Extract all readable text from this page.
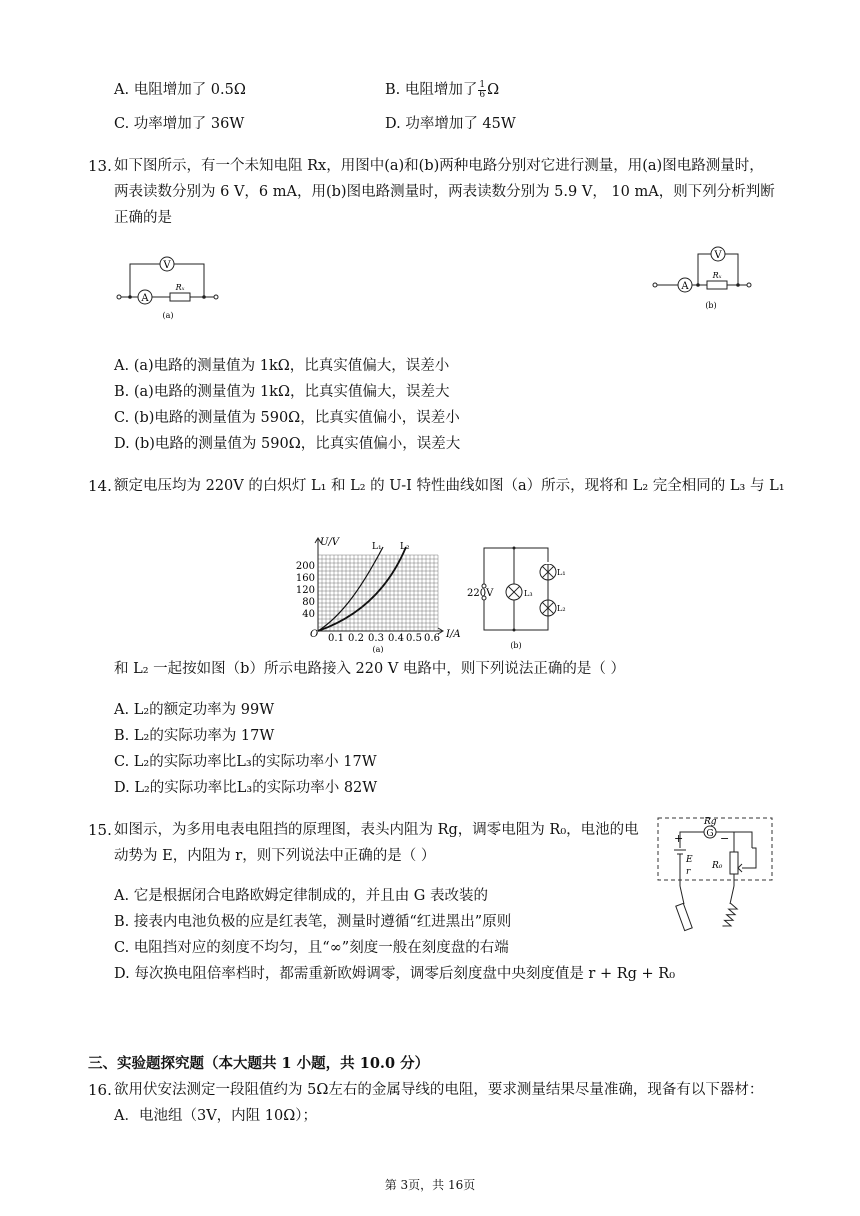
A. 电阻增加了 0.5Ω	B. 电阻增加了 $\frac{1}{6}$ Ω
C. 功率增加了 36W	D. 功率增加了 45W
13. 如下图所示，有一个未知电阻 Rx，用图中(a)和(b)两种电路分别对它进行测量，用(a)图电路测量时，
两表读数分别为 6 V，6 mA，用(b)图电路测量时，两表读数分别为 5.9 V， 10 mA，则下列分析判断
正确的是
A
V
Rₓ
(a)
A
V
Rₓ
(b)
A. (a)电路的测量值为 1kΩ，比真实值偏大，误差小
B. (a)电路的测量值为 1kΩ，比真实值偏大，误差大
C. (b)电路的测量值为 590Ω，比真实值偏小，误差小
D. (b)电路的测量值为 590Ω，比真实值偏小，误差大
14. 额定电压均为 220V 的白炽灯 L₁ 和 L₂ 的 U-I 特性曲线如图（a）所示，现将和 L₂ 完全相同的 L₃ 与 L₁
U/V
I/A
O
L₁ L₂
200
160
120
80
40
0.1 0.2 0.3 0.4 0.5 0.6
(a)
220V	L₃
L₁
L₂
(b)
和 L₂ 一起按如图（b）所示电路接入 220 V 电路中，则下列说法正确的是（ ）
A. L₂的额定功率为 99W
B. L₂的实际功率为 17W
C. L₂的实际功率比L₃的实际功率小 17W
D. L₂的实际功率比L₃的实际功率小 82W
15. 如图示，为多用电表电阻挡的原理图，表头内阻为 Rg，调零电阻为 R₀，电池的电
动势为 E，内阻为 r，则下列说法中正确的是（ ）
G
Rg
+	−
E
r
R₀
A. 它是根据闭合电路欧姆定律制成的，并且由 G 表改装的
B. 接表内电池负极的应是红表笔，测量时遵循“红进黑出”原则
C. 电阻挡对应的刻度不均匀，且“∞”刻度一般在刻度盘的右端
D. 每次换电阻倍率档时，都需重新欧姆调零，调零后刻度盘中央刻度值是 r + Rg + R₀
三、实验题探究题（本大题共 1 小题，共 10.0 分）
16. 欲用伏安法测定一段阻值约为 5Ω左右的金属导线的电阻，要求测量结果尽量准确，现备有以下器材：
A．电池组（3V，内阻 10Ω）；
第 3页，共 16页
